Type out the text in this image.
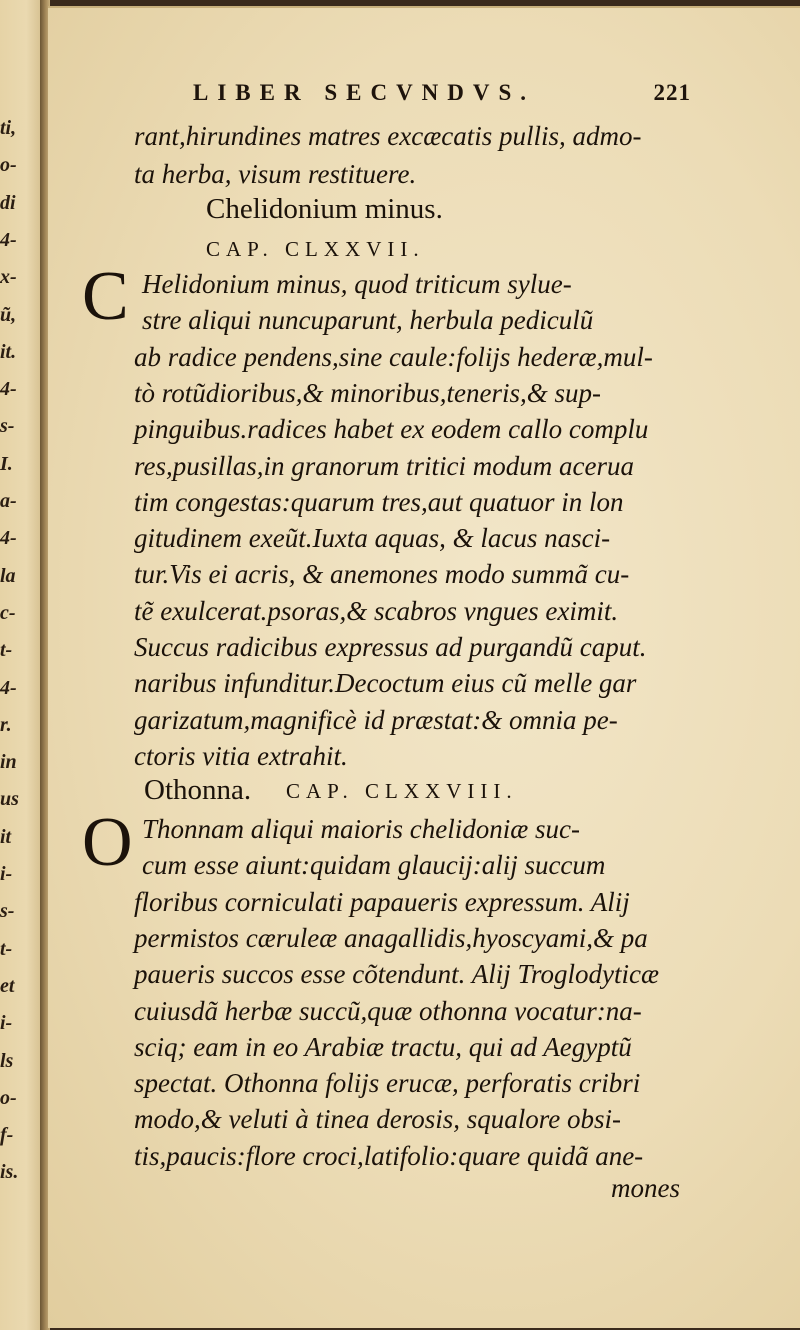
ti,
o-
di
4-
x-
ũ,
it.
4-
s-
I.
a-
4-
la
c-
t-
4-
r.
in
us
it
i-
s-
t-
et
i-
ls
o-
f-
is.
LIBER SECVNDVS.	221
rant,hirundines matres excæcatis pullis, admo-
ta herba, visum restituere.
Chelidonium minus.
CAP. CLXXVII.
C Helidonium minus, quod triticum sylue-
stre aliqui nuncuparunt, herbula pediculũ
ab radice pendens,sine caule:folijs hederæ,mul-
tò rotũdioribus,& minoribus,teneris,& sup-
pinguibus.radices habet ex eodem callo complu
res,pusillas,in granorum tritici modum aceruа
tim congestas:quarum tres,aut quatuor in lon
gitudinem exeũt.Iuxta aquas, & lacus nasci-
tur.Vis ei acris, & anemones modo summã cu-
tẽ exulcerat.psoras,& scabros vngues eximit.
Succus radicibus expressus ad purgandũ caput.
naribus infunditur.Decoctum eius cũ melle gar
garizatum,magnificè id præstat:& omnia pe-
ctoris vitia extrahit.
Othonna. CAP. CLXXVIII.
O Thonnam aliqui maioris chelidoniæ suc-
cum esse aiunt:quidam glaucij:alij succum
floribus corniculati papaueris expressum. Alij
permistos cæruleæ anagallidis,hyoscyami,& pa
paueris succos esse cõtendunt. Alij Troglodyticæ
cuiusdã herbæ succũ,quæ othonna vocatur:na-
sciq; eam in eo Arabiæ tractu, qui ad Aegyptũ
spectat. Othonna folijs erucæ, perforatis cribri
modo,& veluti à tinea derosis, squalore obsi-
tis,paucis:flore croci,latifolio:quare quidã ane-
mones
